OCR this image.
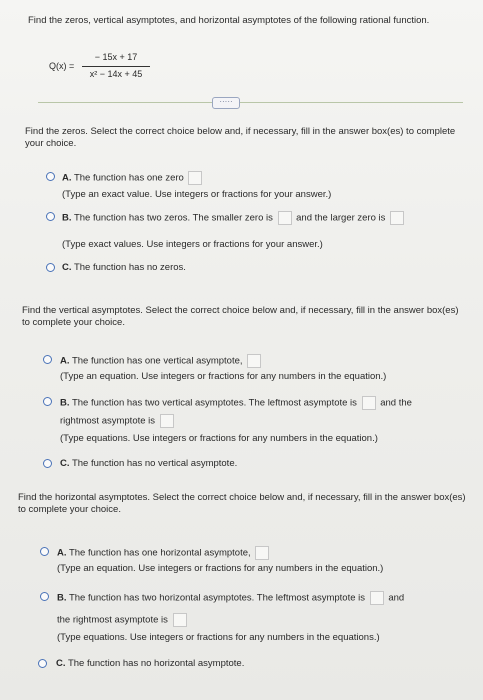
Find the zeros, vertical asymptotes, and horizontal asymptotes of the following rational function.
Q(x) =
− 15x + 17
x² − 14x + 45
·····
Find the zeros. Select the correct choice below and, if necessary, fill in the answer box(es) to complete your choice.
A. The function has one zero
(Type an exact value. Use integers or fractions for your answer.)
B. The function has two zeros. The smaller zero is and the larger zero is
(Type exact values. Use integers or fractions for your answer.)
C. The function has no zeros.
Find the vertical asymptotes. Select the correct choice below and, if necessary, fill in the answer box(es) to complete your choice.
A. The function has one vertical asymptote,
(Type an equation. Use integers or fractions for any numbers in the equation.)
B. The function has two vertical asymptotes. The leftmost asymptote is and the
rightmost asymptote is
(Type equations. Use integers or fractions for any numbers in the equation.)
C. The function has no vertical asymptote.
Find the horizontal asymptotes. Select the correct choice below and, if necessary, fill in the answer box(es) to complete your choice.
A. The function has one horizontal asymptote,
(Type an equation. Use integers or fractions for any numbers in the equation.)
B. The function has two horizontal asymptotes. The leftmost asymptote is and
the rightmost asymptote is
(Type equations. Use integers or fractions for any numbers in the equations.)
C. The function has no horizontal asymptote.
